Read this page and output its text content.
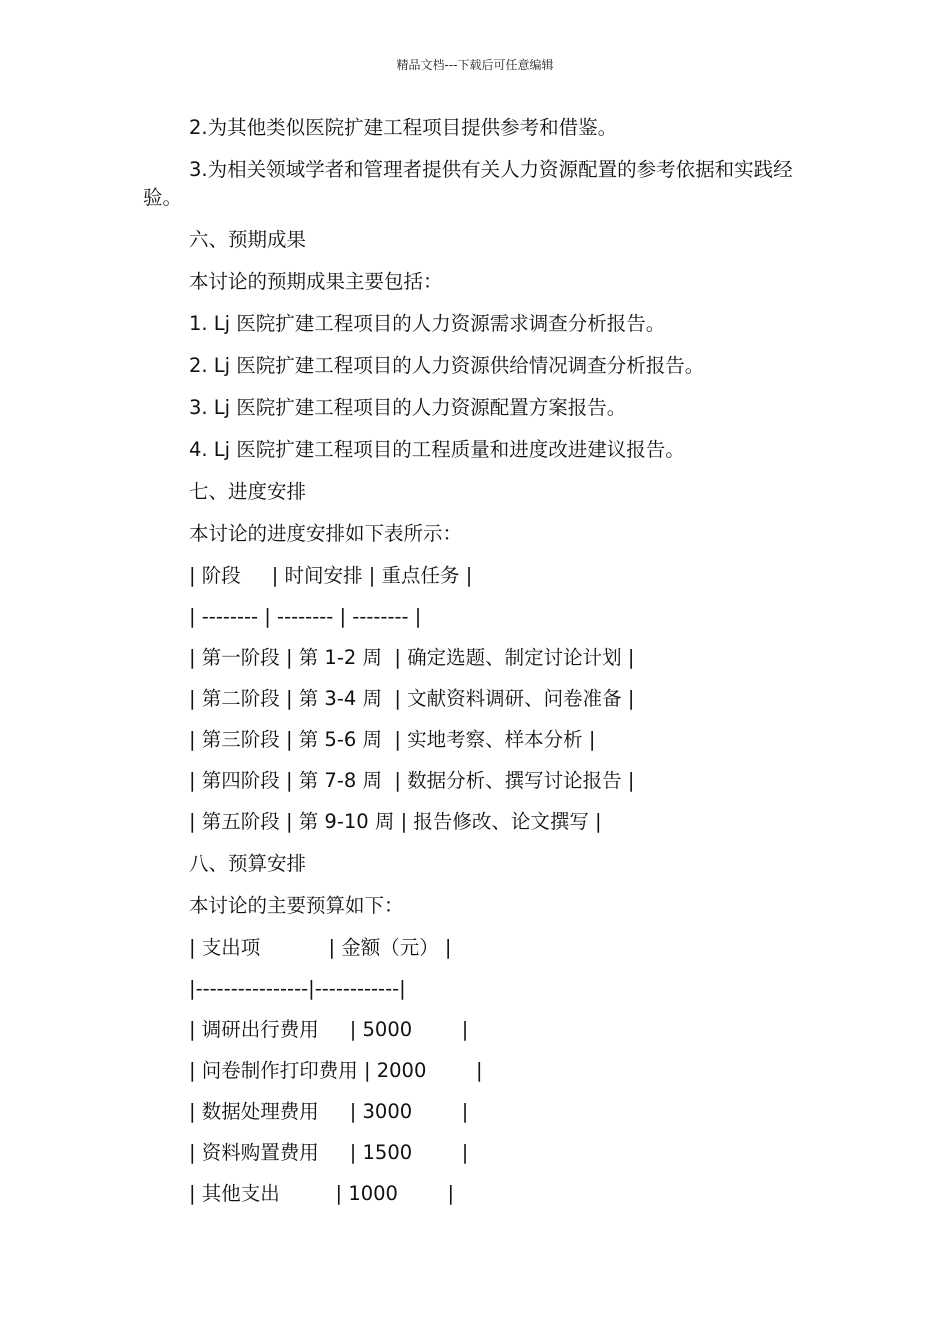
精品文档---下载后可任意编辑

2.为其他类似医院扩建工程项目提供参考和借鉴。

3.为相关领域学者和管理者提供有关人力资源配置的参考依据和实践经验。

六、预期成果

本讨论的预期成果主要包括：

1. Lj 医院扩建工程项目的人力资源需求调查分析报告。

2. Lj 医院扩建工程项目的人力资源供给情况调查分析报告。

3. Lj 医院扩建工程项目的人力资源配置方案报告。

4. Lj 医院扩建工程项目的工程质量和进度改进建议报告。

七、进度安排

本讨论的进度安排如下表所示：

| 阶段     | 时间安排 | 重点任务 |

| -------- | -------- | -------- |

| 第一阶段 | 第 1-2 周  | 确定选题、制定讨论计划 |

| 第二阶段 | 第 3-4 周  | 文献资料调研、问卷准备 |

| 第三阶段 | 第 5-6 周  | 实地考察、样本分析 |

| 第四阶段 | 第 7-8 周  | 数据分析、撰写讨论报告 |

| 第五阶段 | 第 9-10 周 | 报告修改、论文撰写 |

八、预算安排

本讨论的主要预算如下：

| 支出项           | 金额（元） |

|----------------|------------|

| 调研出行费用     | 5000        |

| 问卷制作打印费用 | 2000        |

| 数据处理费用     | 3000        |

| 资料购置费用     | 1500        |

| 其他支出         | 1000        |
